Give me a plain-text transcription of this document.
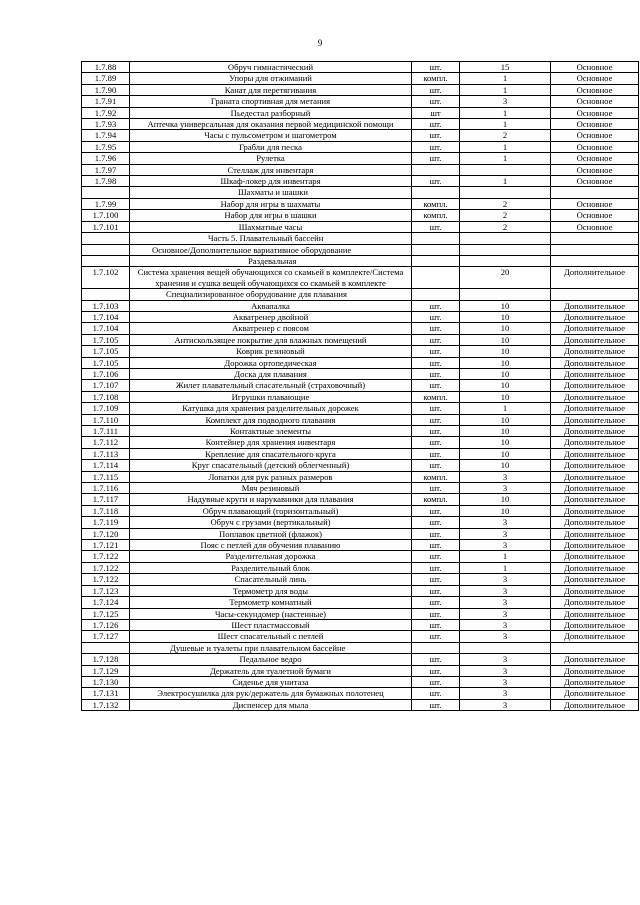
9
1.7.88	Обруч гимнастический	шт.	15	Основное
1.7.89	Упоры для отжиманий	компл.	1	Основное
1.7.90	Канат для перетягивания	шт.	1	Основное
1.7.91	Граната спортивная для метания	шт.	3	Основное
1.7.92	Пьедестал разборный	шт	1	Основное
1.7.93	Аптечка универсальная для оказания первой медицинской помощи	шт.	1	Основное
1.7.94	Часы с пульсометром и шагометром	шт.	2	Основное
1.7.95	Грабли для песка	шт.	1	Основное
1.7.96	Рулетка	шт.	1	Основное
1.7.97	Стеллаж для инвентаря			Основное
1.7.98	Шкаф-локер для инвентаря	шт.	1	Основное
	Шахматы и шашки			
1.7.99	Набор для игры в шахматы	компл.	2	Основное
1.7.100	Набор для игры в шашки	компл.	2	Основное
1.7.101	Шахматные часы	шт.	2	Основное
	Часть 5. Плавательный бассейн			
	Основное/Дополнительное вариативное оборудование			
	Раздевальная			
1.7.102	Система хранения вещей обучающихся со скамьей в комплекте/Система хранения и сушка вещей обучающихся со скамьей в комплекте		20	Дополнительное
	Специализированное оборудование для плавания			
1.7.103	Аквапалка	шт.	10	Дополнительное
1.7.104	Акватренер двойной	шт.	10	Дополнительное
1.7.104	Акватренер с поясом	шт.	10	Дополнительное
1.7.105	Антискользящее покрытие для влажных помещений	шт.	10	Дополнительное
1.7.105	Коврик резиновый	шт.	10	Дополнительное
1.7.105	Дорожка ортопедическая	шт.	10	Дополнительное
1.7.106	Доска для плавания	шт.	10	Дополнительное
1.7.107	Жилет плавательный спасательный (страховочный)	шт.	10	Дополнительное
1.7.108	Игрушки плавающие	компл.	10	Дополнительное
1.7.109	Катушка для хранения разделительных дорожек	шт.	1	Дополнительное
1.7.110	Комплект для подводного плавания	шт.	10	Дополнительное
1.7.111	Контактные элементы	шт.	10	Дополнительное
1.7.112	Контейнер для хранения инвентаря	шт.	10	Дополнительное
1.7.113	Крепление для спасательного круга	шт.	10	Дополнительное
1.7.114	Круг спасательный (детский облегченный)	шт.	10	Дополнительное
1.7.115	Лопатки для рук разных размеров	компл.	3	Дополнительное
1.7.116	Мяч резиновый	шт.	3	Дополнительное
1.7.117	Надувные круги и нарукавники для плавания	компл.	10	Дополнительное
1.7.118	Обруч плавающий (горизонтальный)	шт.	10	Дополнительное
1.7.119	Обруч с грузами (вертикальный)	шт.	3	Дополнительное
1.7.120	Поплавок цветной (флажок)	шт.	3	Дополнительное
1.7.121	Пояс с петлей для обучения плаванию	шт.	3	Дополнительное
1.7.122	Разделительная дорожка	шт.	1	Дополнительное
1.7.122	Разделительный блок	шт.	1	Дополнительное
1.7.122	Спасательный линь	шт.	3	Дополнительное
1.7.123	Термометр для воды	шт.	3	Дополнительное
1.7.124	Термометр комнатный	шт.	3	Дополнительное
1.7.125	Часы-секундомер (настенные)	шт.	3	Дополнительное
1.7.126	Шест пластмассовый	шт.	3	Дополнительное
1.7.127	Шест спасательный с петлей	шт.	3	Дополнительное
	Душевые и туалеты при плавательном бассейне			
1.7.128	Педальное ведро	шт.	3	Дополнительное
1.7.129	Держатель для туалетной бумаги	шт.	3	Дополнительное
1.7.130	Сиденье для унитаза	шт.	3	Дополнительное
1.7.131	Электросушилка для рук/держатель для бумажных полотенец	шт.	3	Дополнительное
1.7.132	Диспенсер для мыла	шт.	3	Дополнительное
